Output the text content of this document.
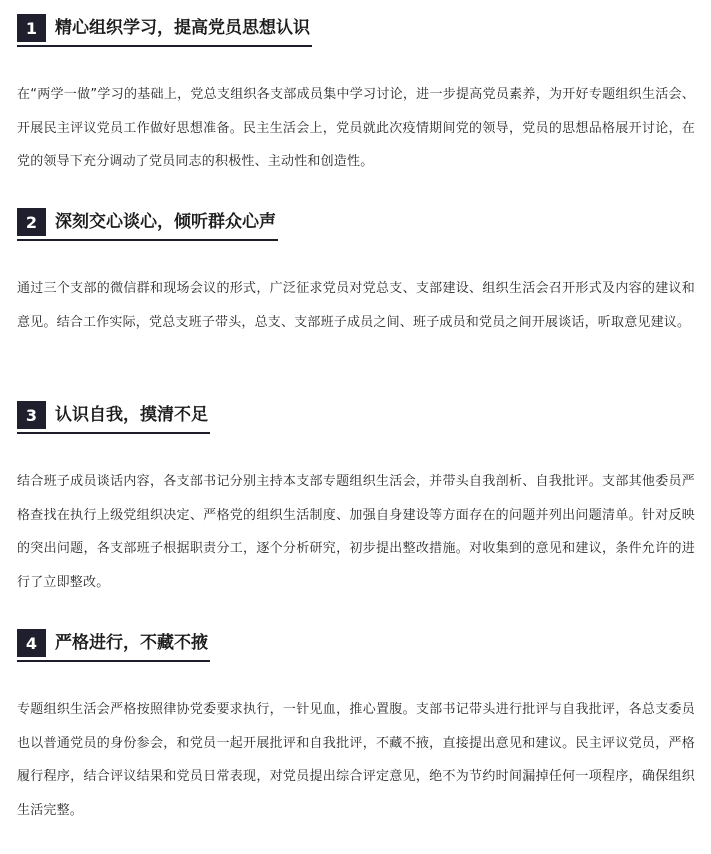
1	精心组织学习，提高党员思想认识

在“两学一做”学习的基础上，党总支组织各支部成员集中学习讨论，进一步提高党员素养，为开好专题组织生活会、开展民主评议党员工作做好思想准备。民主生活会上，党员就此次疫情期间党的领导，党员的思想品格展开讨论，在党的领导下充分调动了党员同志的积极性、主动性和创造性。

2	深刻交心谈心，倾听群众心声

通过三个支部的微信群和现场会议的形式，广泛征求党员对党总支、支部建设、组织生活会召开形式及内容的建议和意见。结合工作实际，党总支班子带头，总支、支部班子成员之间、班子成员和党员之间开展谈话，听取意见建议。

3	认识自我，摸清不足

结合班子成员谈话内容，各支部书记分别主持本支部专题组织生活会，并带头自我剖析、自我批评。支部其他委员严格查找在执行上级党组织决定、严格党的组织生活制度、加强自身建设等方面存在的问题并列出问题清单。针对反映的突出问题，各支部班子根据职责分工，逐个分析研究，初步提出整改措施。对收集到的意见和建议，条件允许的进行了立即整改。

4	严格进行，不藏不掖

专题组织生活会严格按照律协党委要求执行，一针见血，推心置腹。支部书记带头进行批评与自我批评，各总支委员也以普通党员的身份参会，和党员一起开展批评和自我批评，不藏不掖，直接提出意见和建议。民主评议党员，严格履行程序，结合评议结果和党员日常表现，对党员提出综合评定意见，绝不为节约时间漏掉任何一项程序，确保组织生活完整。
